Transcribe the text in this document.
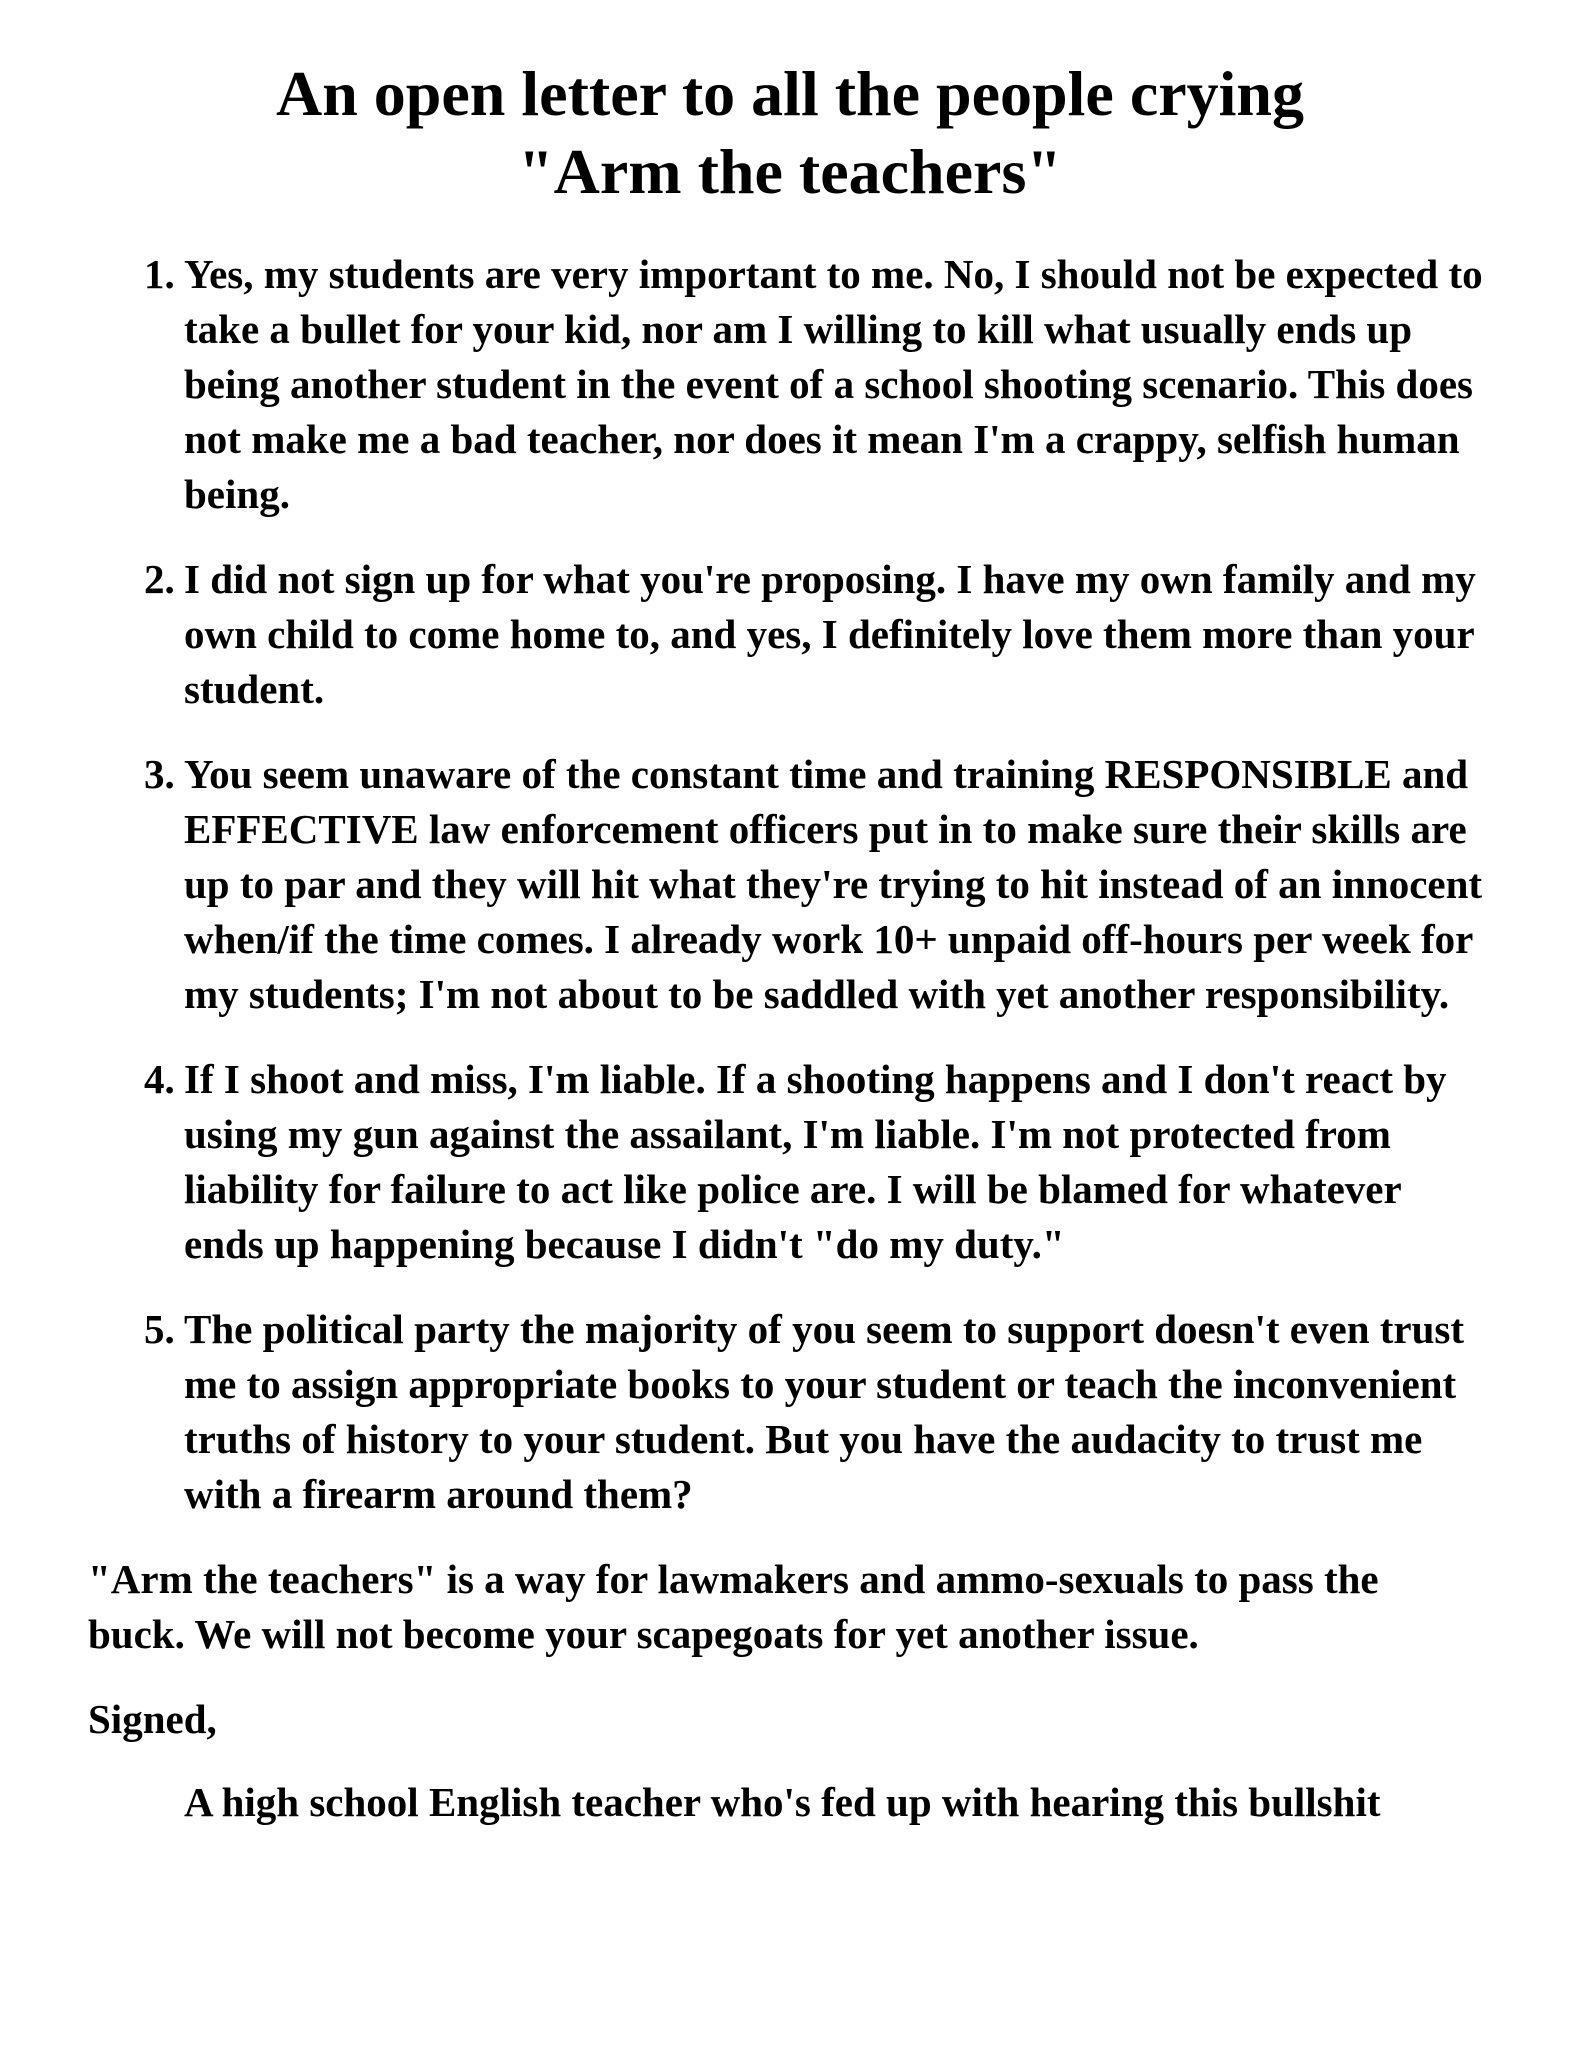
An open letter to all the people crying
"Arm the teachers"
1. Yes, my students are very important to me. No, I should not be expected to take a bullet for your kid, nor am I willing to kill what usually ends up being another student in the event of a school shooting scenario. This does not make me a bad teacher, nor does it mean I'm a crappy, selfish human being.
2. I did not sign up for what you're proposing. I have my own family and my own child to come home to, and yes, I definitely love them more than your student.
3. You seem unaware of the constant time and training RESPONSIBLE and EFFECTIVE law enforcement officers put in to make sure their skills are up to par and they will hit what they're trying to hit instead of an innocent when/if the time comes. I already work 10+ unpaid off-hours per week for my students; I'm not about to be saddled with yet another responsibility.
4. If I shoot and miss, I'm liable. If a shooting happens and I don't react by using my gun against the assailant, I'm liable. I'm not protected from liability for failure to act like police are. I will be blamed for whatever ends up happening because I didn't "do my duty."
5. The political party the majority of you seem to support doesn't even trust me to assign appropriate books to your student or teach the inconvenient truths of history to your student. But you have the audacity to trust me with a firearm around them?

"Arm the teachers" is a way for lawmakers and ammo-sexuals to pass the buck. We will not become your scapegoats for yet another issue.

Signed,

A high school English teacher who's fed up with hearing this bullshit
